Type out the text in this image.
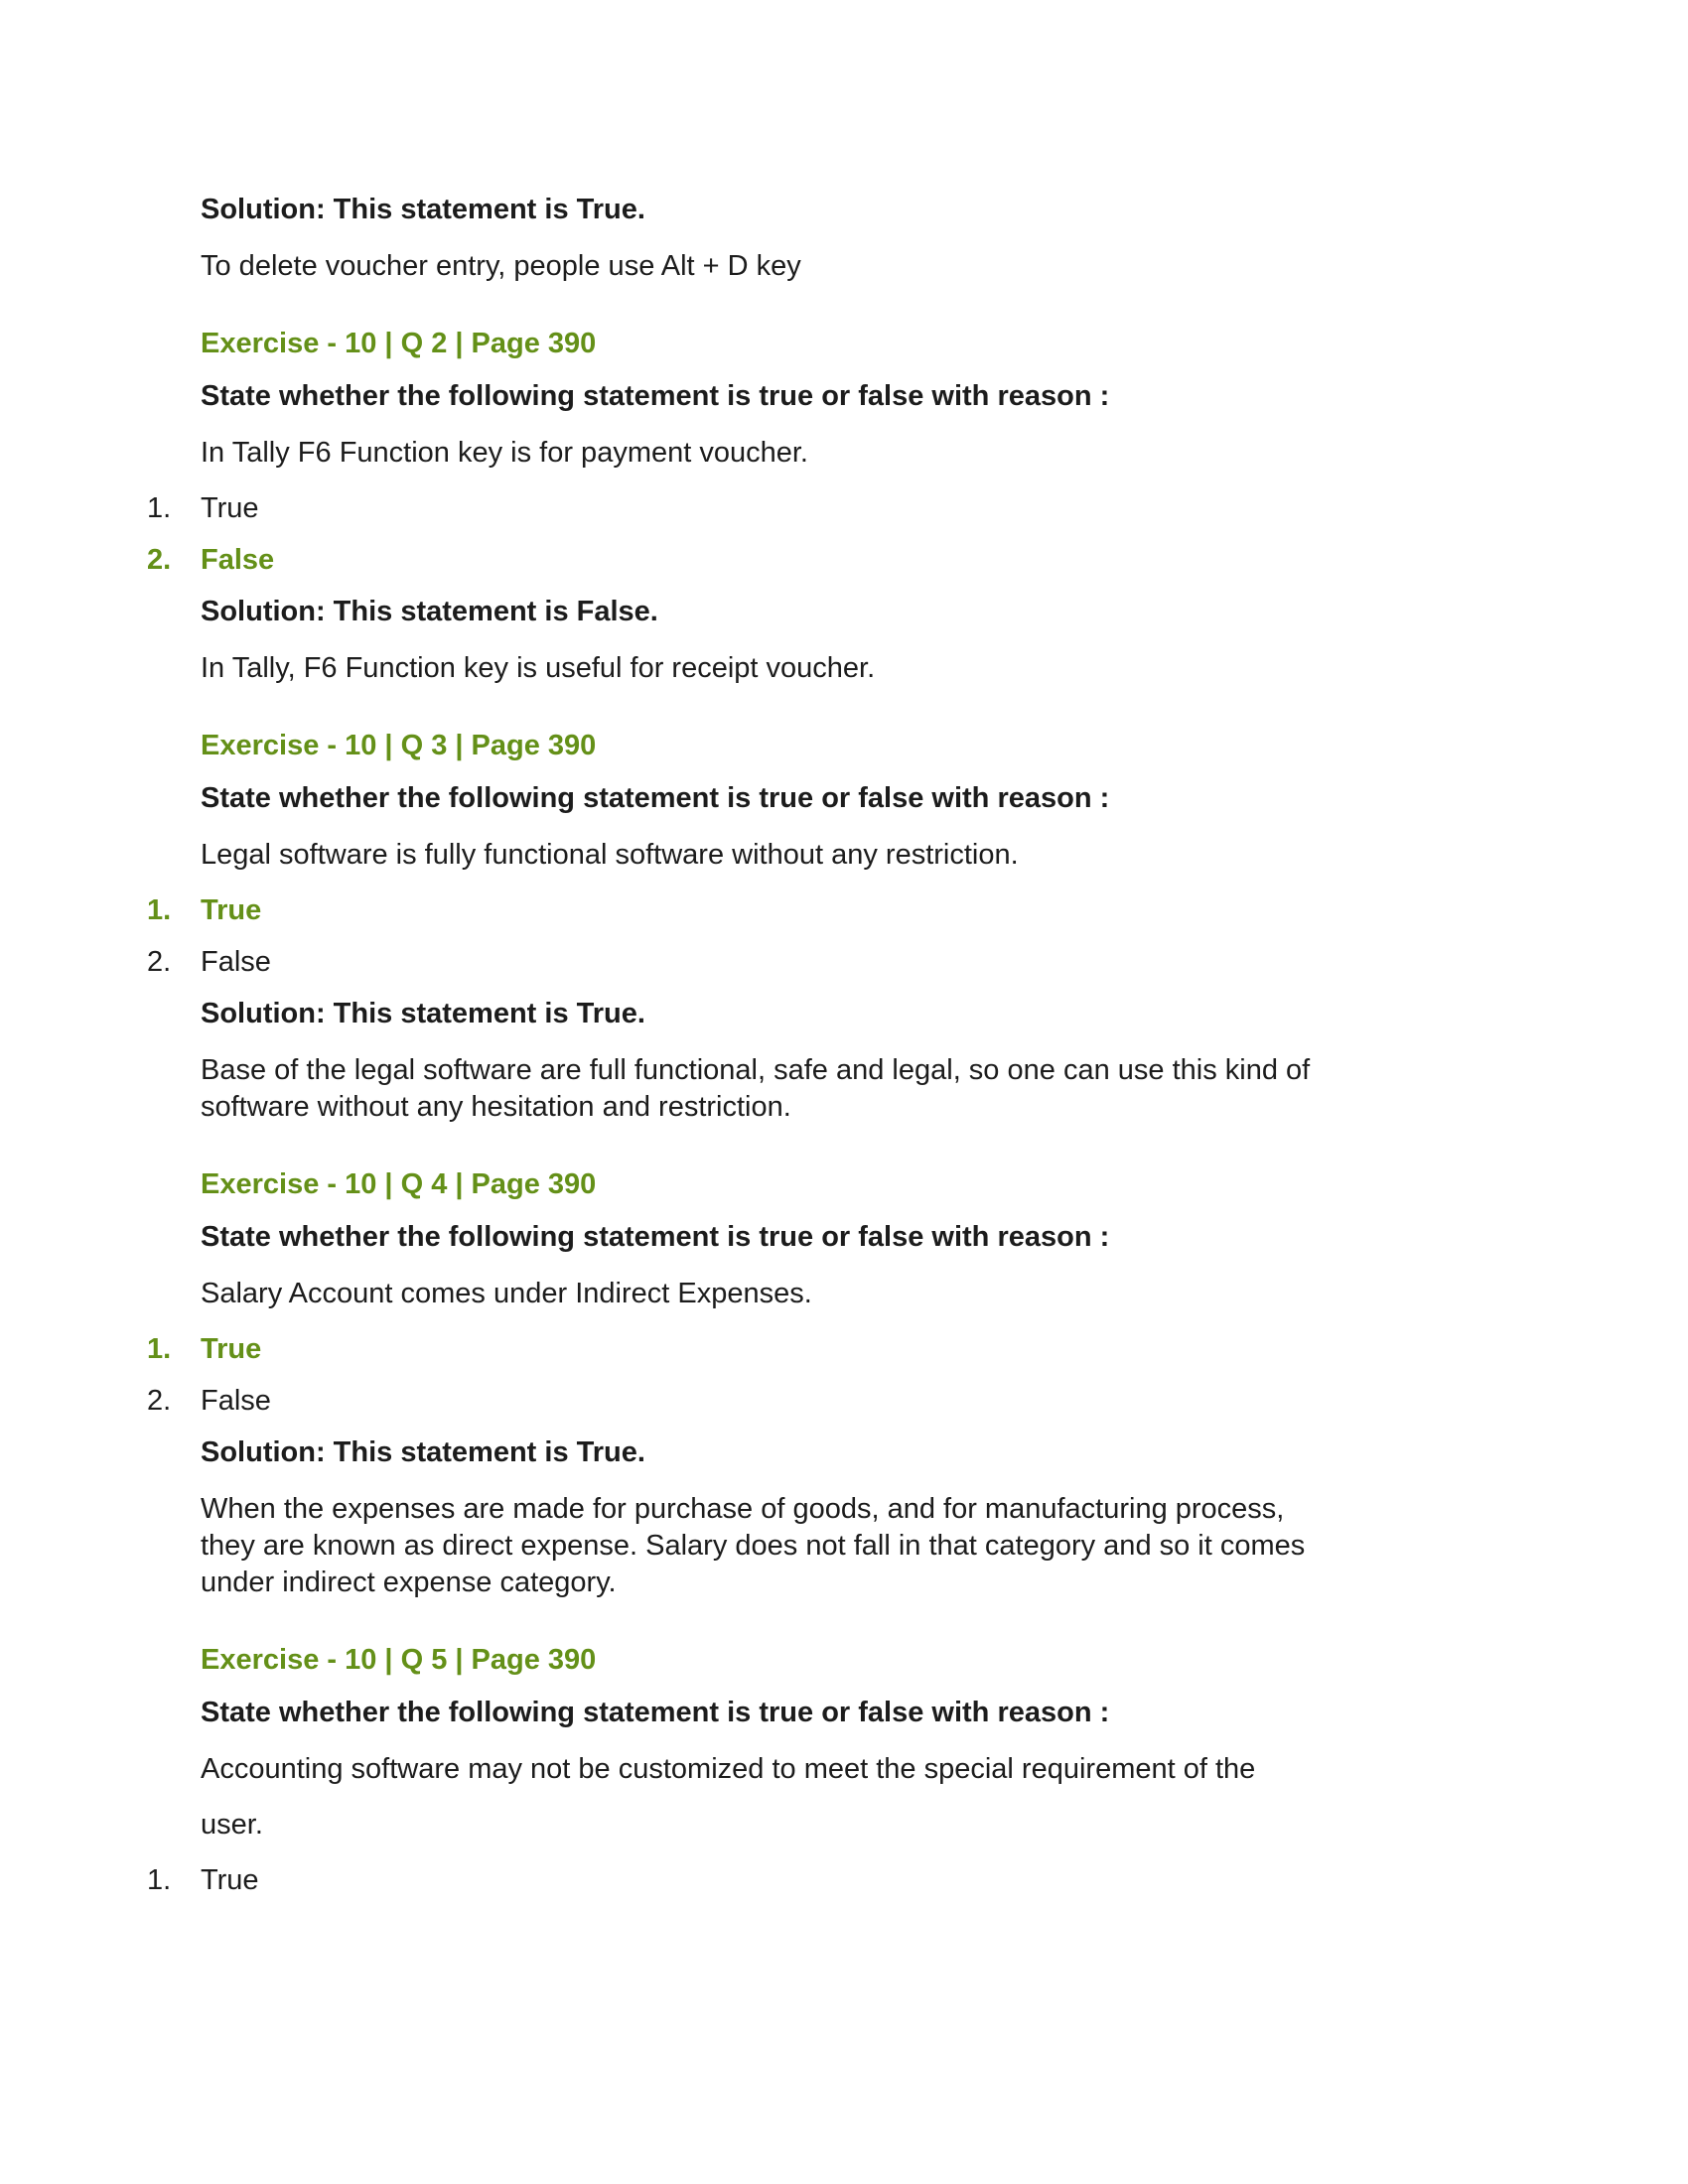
Solution: This statement is True.

To delete voucher entry, people use Alt + D key

Exercise - 10 | Q 2 | Page 390

State whether the following statement is true or false with reason :

In Tally F6 Function key is for payment voucher.
1.	True
2.	False

Solution: This statement is False.

In Tally, F6 Function key is useful for receipt voucher.

Exercise - 10 | Q 3 | Page 390

State whether the following statement is true or false with reason :

Legal software is fully functional software without any restriction.
1.	True
2.	False

Solution: This statement is True.

Base of the legal software are full functional, safe and legal, so one can use this kind of
software without any hesitation and restriction.

Exercise - 10 | Q 4 | Page 390

State whether the following statement is true or false with reason :

Salary Account comes under Indirect Expenses.
1.	True
2.	False

Solution: This statement is True.

When the expenses are made for purchase of goods, and for manufacturing process,
they are known as direct expense. Salary does not fall in that category and so it comes
under indirect expense category.

Exercise - 10 | Q 5 | Page 390

State whether the following statement is true or false with reason :

Accounting software may not be customized to meet the special requirement of the
user.
1.	True
